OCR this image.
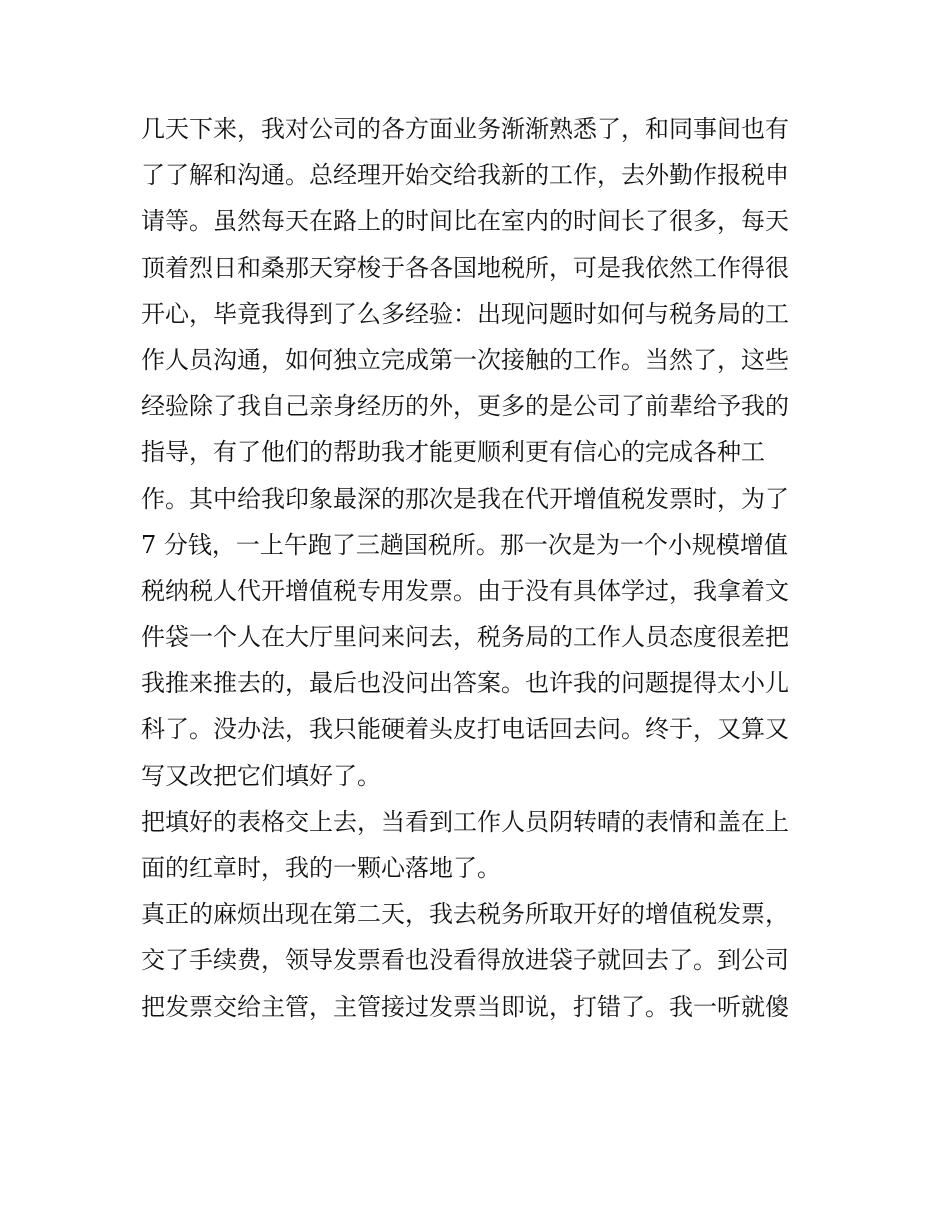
几天下来，我对公司的各方面业务渐渐熟悉了，和同事间也有
了了解和沟通。总经理开始交给我新的工作，去外勤作报税申
请等。虽然每天在路上的时间比在室内的时间长了很多，每天
顶着烈日和桑那天穿梭于各各国地税所，可是我依然工作得很
开心，毕竟我得到了么多经验：出现问题时如何与税务局的工
作人员沟通，如何独立完成第一次接触的工作。当然了，这些
经验除了我自己亲身经历的外，更多的是公司了前辈给予我的
指导，有了他们的帮助我才能更顺利更有信心的完成各种工
作。其中给我印象最深的那次是我在代开增值税发票时，为了
7 分钱，一上午跑了三趟国税所。那一次是为一个小规模增值
税纳税人代开增值税专用发票。由于没有具体学过，我拿着文
件袋一个人在大厅里问来问去，税务局的工作人员态度很差把
我推来推去的，最后也没问出答案。也许我的问题提得太小儿
科了。没办法，我只能硬着头皮打电话回去问。终于，又算又
写又改把它们填好了。
把填好的表格交上去，当看到工作人员阴转晴的表情和盖在上
面的红章时，我的一颗心落地了。
真正的麻烦出现在第二天，我去税务所取开好的增值税发票，
交了手续费，领导发票看也没看得放进袋子就回去了。到公司
把发票交给主管，主管接过发票当即说，打错了。我一听就傻
